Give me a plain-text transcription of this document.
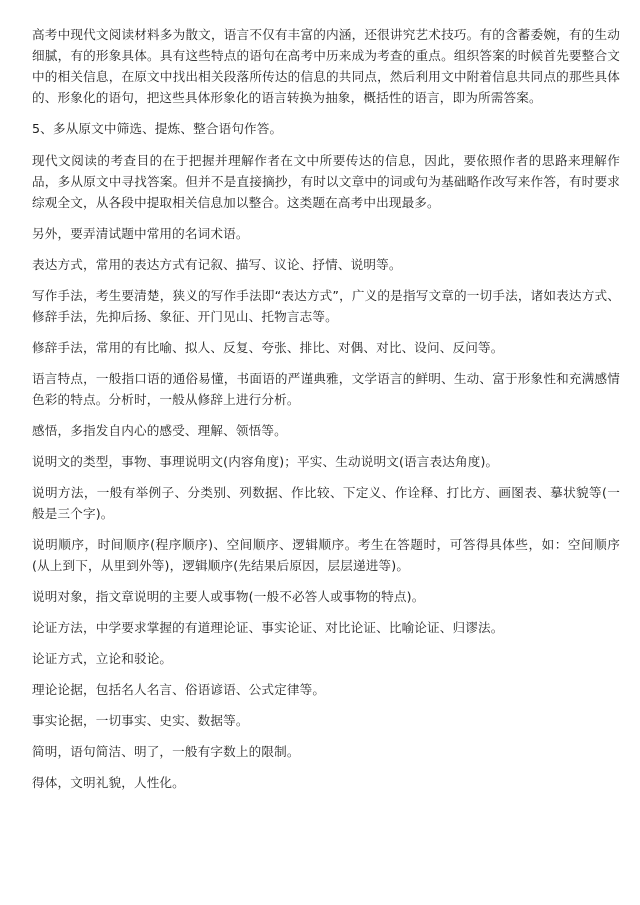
高考中现代文阅读材料多为散文，语言不仅有丰富的内涵，还很讲究艺术技巧。有的含蓄委婉，有的生动细腻，有的形象具体。具有这些特点的语句在高考中历来成为考查的重点。组织答案的时候首先要整合文中的相关信息，在原文中找出相关段落所传达的信息的共同点，然后利用文中附着信息共同点的那些具体的、形象化的语句，把这些具体形象化的语言转换为抽象，概括性的语言，即为所需答案。

5、多从原文中筛选、提炼、整合语句作答。

现代文阅读的考查目的在于把握并理解作者在文中所要传达的信息，因此，要依照作者的思路来理解作品，多从原文中寻找答案。但并不是直接摘抄，有时以文章中的词或句为基础略作改写来作答，有时要求综观全文，从各段中提取相关信息加以整合。这类题在高考中出现最多。

另外，要弄清试题中常用的名词术语。

表达方式，常用的表达方式有记叙、描写、议论、抒情、说明等。

写作手法，考生要清楚，狭义的写作手法即“表达方式”，广义的是指写文章的一切手法，诸如表达方式、修辞手法，先抑后扬、象征、开门见山、托物言志等。

修辞手法，常用的有比喻、拟人、反复、夸张、排比、对偶、对比、设问、反问等。

语言特点，一般指口语的通俗易懂，书面语的严谨典雅，文学语言的鲜明、生动、富于形象性和充满感情色彩的特点。分析时，一般从修辞上进行分析。

感悟，多指发自内心的感受、理解、领悟等。

说明文的类型，事物、事理说明文(内容角度)；平实、生动说明文(语言表达角度)。

说明方法，一般有举例子、分类别、列数据、作比较、下定义、作诠释、打比方、画图表、摹状貌等(一般是三个字)。

说明顺序，时间顺序(程序顺序)、空间顺序、逻辑顺序。考生在答题时，可答得具体些，如：空间顺序(从上到下，从里到外等)，逻辑顺序(先结果后原因，层层递进等)。

说明对象，指文章说明的主要人或事物(一般不必答人或事物的特点)。

论证方法，中学要求掌握的有道理论证、事实论证、对比论证、比喻论证、归谬法。

论证方式，立论和驳论。

理论论据，包括名人名言、俗语谚语、公式定律等。

事实论据，一切事实、史实、数据等。

简明，语句简洁、明了，一般有字数上的限制。

得体，文明礼貌，人性化。
